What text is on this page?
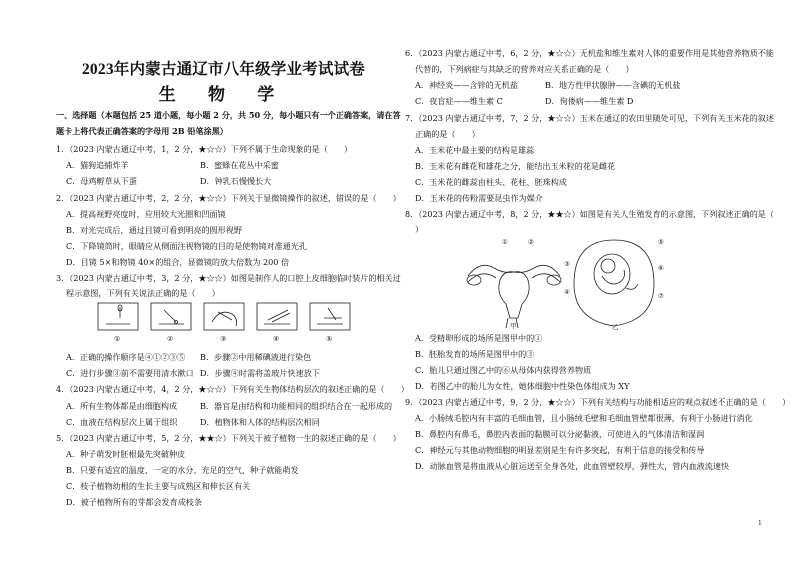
2023年内蒙古通辽市八年级学业考试试卷
生 物 学
一、选择题（本题包括 25 道小题，每小题 2 分，共 50 分，每小题只有一个正确答案，请在答
题卡上将代表正确答案的字母用 2B 铅笔涂黑）
1．（2023 内蒙古通辽中考，1，2 分，★☆☆）下列不属于生命现象的是（　　）
A．猫狗追捕炸羊	B．蜜蜂在花丛中采蜜
C．母鸡孵草从下蛋	D．钟乳石慢慢长大
2．（2023 内蒙古通辽中考，2，2 分，★☆☆）下列关于显微镜操作的叙述，错误的是（　　）
A．提高视野亮度时，应用较大光圈和凹面镜
B．对光完成后，通过目镜可看到明亮的圆形视野
C．下降镜筒时，眼睛应从侧面注视物镜的目的是使物镜对准通光孔
D．目镜 5×和物镜 40×的组合，显微镜的放大倍数为 200 倍
3．（2023 内蒙古通辽中考，3，2 分，★☆☆）如图是制作人的口腔上皮细胞临时装片的相关过
程示意图，下列有关说法正确的是（　　）
①	②	③	④	⑤
A．正确的操作顺序是④①②③⑤ B．步骤②中用稀碘液进行染色
C．进行步骤③前不需要用清水漱口 D．步骤④时需将盖玻片快速放下
4．（2023 内蒙古通辽中考，4，2 分，★☆☆）下列有关生物体结构层次的叙述正确的是（　　）
A．所有生物体都是由细胞构成	B．器官是由结构和功能相同的组织结合在一起形成的
C．血液在结构层次上属于组织	D．植物体和人体的结构层次相同
5．（2023 内蒙古通辽中考，5，2 分，★★☆）下列关于被子植物一生的叙述正确的是（　　）
A．种子萌发时胚根最先突破种皮
B．只要有适宜的温度、一定的水分、充足的空气，种子就能萌发
C．枝子植物幼根的生长主要与成熟区和伸长区有关
D．被子植物所有的芽都会发育成枝条
6．（2023 内蒙古通辽中考，6，2 分，★☆☆）无机盐和维生素对人体的重要作用是其他营养物质不能
代替的，下列病症与其缺乏的营养对应关系正确的是（　　）
A．神经炎——含锌的无机盐	B．地方性甲状腺肿——含碘的无机盐
C．夜盲症——维生素 C	D．佝偻病——维生素 D
7．（2023 内蒙古通辽中考，7，2 分，★☆☆）玉米在通辽的农田里随处可见，下列有关玉米花的叙述
正确的是（　　）
A．玉米花中最主要的结构是雄蕊
B．玉米花有雌花和雄花之分，能结出玉米粒的花是雌花
C．玉米花的雌蕊由柱头、花柱、胚珠构成
D．玉米花的传粉需要昆虫作为媒介
8．（2023 内蒙古通辽中考，8，2 分，★★☆）如图是有关人生殖发育的示意图，下列叙述正确的是（
）
①	②
③
④
⑤
⑥
⑦
甲	乙
A．受精卵形成的场所是图甲中的①
B．胚胎发育的场所是图甲中的③
C．胎儿只通过图乙中的⑥从母体内获得营养物质
D．若图乙中的胎儿为女性，她体细胞中性染色体组成为 XY
9．（2023 内蒙古通辽中考，9，2 分，★☆☆）下列有关结构与功能相适应的观点叙述不正确的是（　　）
A．小肠绒毛腔内有丰富的毛细血管，且小肠绒毛壁和毛细血管壁都很薄，有利于小肠进行消化
B．鼻腔内有鼻毛，鼻腔内表面的黏膜可以分泌黏液，可使进入的气体清洁和湿润
C．神经元与其他动物细胞的明显差别是生有许多突起，有利于信息的接受和传导
D．动脉血管是将血液从心脏运送至全身各处，此血管壁较厚，弹性大，管内血液流速快
1
